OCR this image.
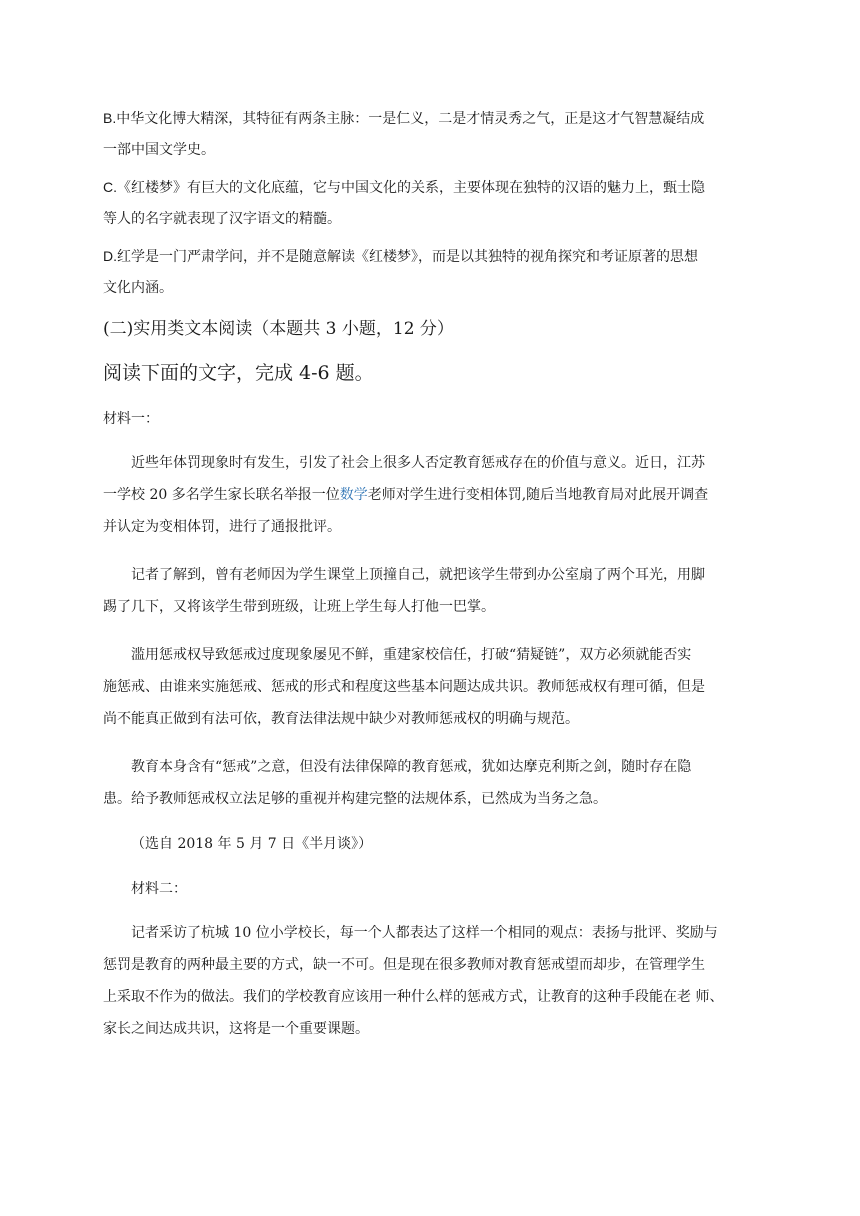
B.中华文化博大精深，其特征有两条主脉：一是仁义，二是才情灵秀之气，正是这才气智慧凝结成
一部中国文学史。
C.《红楼梦》有巨大的文化底蕴，它与中国文化的关系，主要体现在独特的汉语的魅力上，甄士隐
等人的名字就表现了汉字语文的精髓。
D.红学是一门严肃学问，并不是随意解读《红楼梦》，而是以其独特的视角探究和考证原著的思想
文化内涵。
(二)实用类文本阅读（本题共 3 小题，12 分）
阅读下面的文字，完成 4-6 题。
材料一：
近些年体罚现象时有发生，引发了社会上很多人否定教育惩戒存在的价值与意义。近日，江苏
一学校 20 多名学生家长联名举报一位数学老师对学生进行变相体罚,随后当地教育局对此展开调查
并认定为变相体罚，进行了通报批评。
记者了解到，曾有老师因为学生课堂上顶撞自己，就把该学生带到办公室扇了两个耳光，用脚
踢了几下，又将该学生带到班级，让班上学生每人打他一巴掌。
滥用惩戒权导致惩戒过度现象屡见不鲜，重建家校信任，打破“猜疑链”，双方必须就能否实
施惩戒、由谁来实施惩戒、惩戒的形式和程度这些基本问题达成共识。教师惩戒权有理可循，但是
尚不能真正做到有法可依，教育法律法规中缺少对教师惩戒权的明确与规范。
教育本身含有“惩戒”之意，但没有法律保障的教育惩戒，犹如达摩克利斯之剑，随时存在隐
患。给予教师惩戒权立法足够的重视并构建完整的法规体系，已然成为当务之急。
（选自 2018 年 5 月 7 日《半月谈》）
材料二：
记者采访了杭城 10 位小学校长，每一个人都表达了这样一个相同的观点：表扬与批评、奖励与
惩罚是教育的两种最主要的方式，缺一不可。但是现在很多教师对教育惩戒望而却步，在管理学生
上采取不作为的做法。我们的学校教育应该用一种什么样的惩戒方式，让教育的这种手段能在老 师、
家长之间达成共识，这将是一个重要课题。
